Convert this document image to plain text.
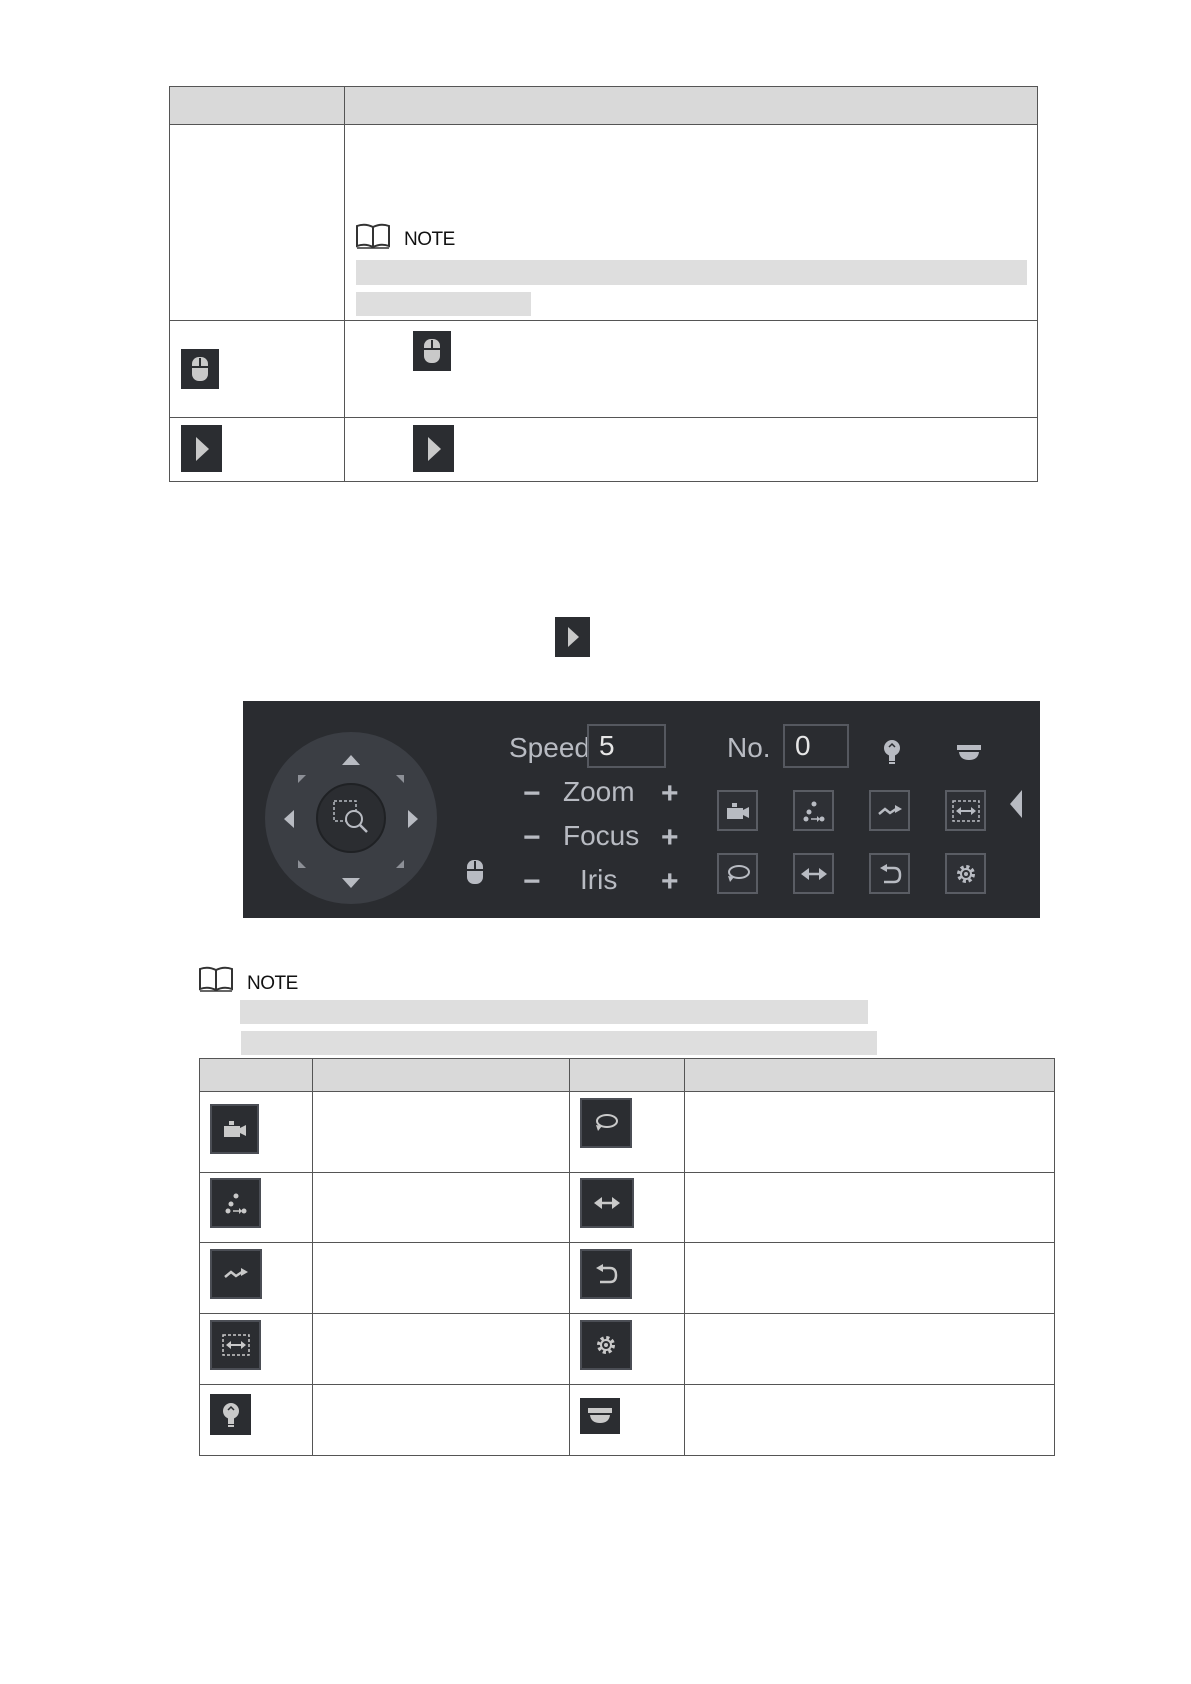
NOTE
Speed 5	No. 0
− Zoom +
− Focus +
− Iris +
NOTE
